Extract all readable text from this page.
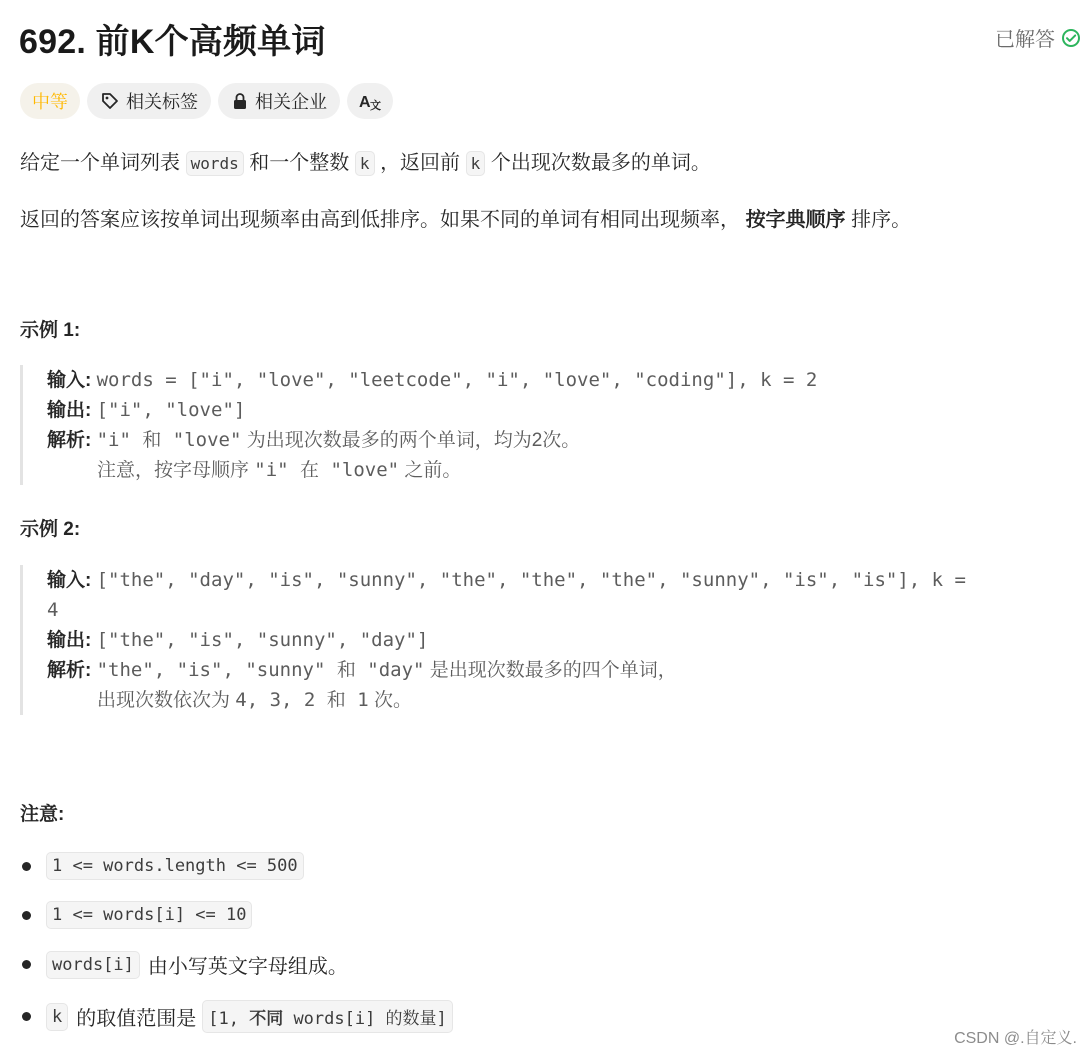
692. 前K个高频单词	已解答
中等	相关标签	相关企业 A 文
给定一个单词列表 words 和一个整数 k ，返回前 k 个出现次数最多的单词。
返回的答案应该按单词出现频率由高到低排序。如果不同的单词有相同出现频率， 按字典顺序 排序。
示例 1:
输入: words = ["i", "love", "leetcode", "i", "love", "coding"], k = 2
输出: ["i", "love"]
解析: "i" 和 "love" 为出现次数最多的两个单词，均为2次。
注意，按字母顺序 "i" 在 "love" 之前。
示例 2:
输入: ["the", "day", "is", "sunny", "the", "the", "the", "sunny", "is", "is"], k =
4
输出: ["the", "is", "sunny", "day"]
解析: "the", "is", "sunny" 和 "day" 是出现次数最多的四个单词，
出现次数依次为 4, 3, 2 和 1 次。
注意:
1 <= words.length <= 500
1 <= words[i] <= 10
words[i] 由小写英文字母组成。
k 的取值范围是 [1, 不同 words[i] 的数量]
CSDN @.自定义.
